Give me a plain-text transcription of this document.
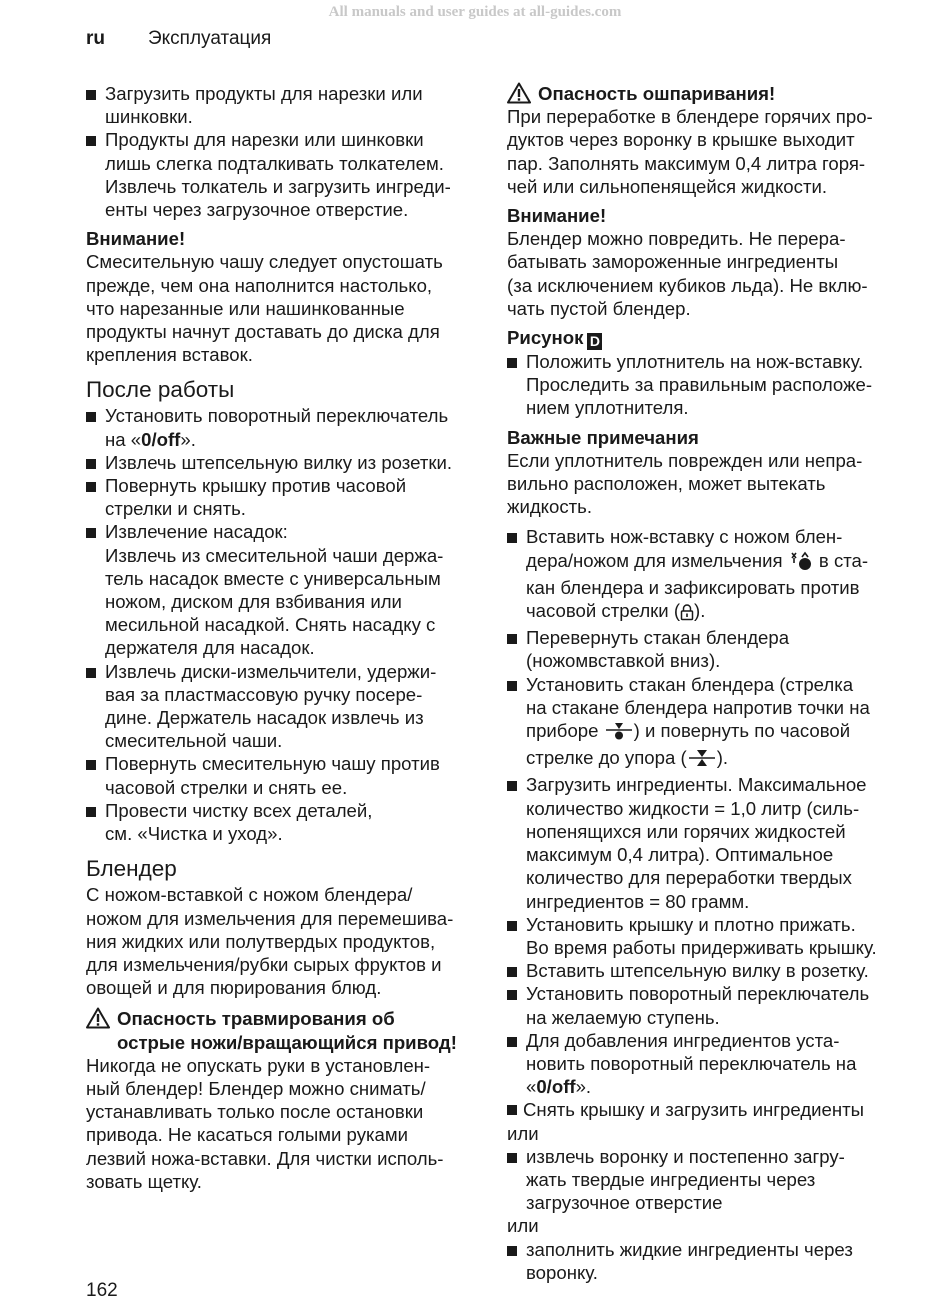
All manuals and user guides at all-guides.com
ru Эксплуатация
Загрузить продукты для нарезки или
шинковки.
Продукты для нарезки или шинковки
лишь слегка подталкивать толкателем.
Извлечь толкатель и загрузить ингреди-
енты через загрузочное отверстие.
Внимание!
Смесительную чашу следует опустошать
прежде, чем она наполнится настолько,
что нарезанные или нашинкованные
продукты начнут доставать до диска для
крепления вставок.
После работы
Установить поворотный переключатель
на «0/off».
Извлечь штепсельную вилку из розетки.
Повернуть крышку против часовой
стрелки и снять.
Извлечение насадок:
Извлечь из смесительной чаши держа-
тель насадок вместе с универсальным
ножом, диском для взбивания или
месильной насадкой. Снять насадку с
держателя для насадок.
Извлечь диски-измельчители, удержи-
вая за пластмассовую ручку посере-
дине. Держатель насадок извлечь из
смесительной чаши.
Повернуть смесительную чашу против
часовой стрелки и снять ее.
Провести чистку всех деталей,
см. «Чистка и уход».
Блендер
С ножом-вставкой с ножом блендера/
ножом для измельчения для перемешива-
ния жидких или полутвердых продуктов,
для измельчения/рубки сырых фруктов и
овощей и для пюрирования блюд.
Опасность травмирования об
острые ножи/вращающийся привод!
Никогда не опускать руки в установлен-
ный блендер! Блендер можно снимать/
устанавливать только после остановки
привода. Не касаться голыми руками
лезвий ножа-вставки. Для чистки исполь-
зовать щетку.
Опасность ошпаривания!
При переработке в блендере горячих про-
дуктов через воронку в крышке выходит
пар. Заполнять максимум 0,4 литра горя-
чей или сильнопенящейся жидкости.
Внимание!
Блендер можно повредить. Не перера-
батывать замороженные ингредиенты
(за исключением кубиков льда). Не вклю-
чать пустой блендер.
Рисунок D
Положить уплотнитель на нож-вставку.
Проследить за правильным расположе-
нием уплотнителя.
Важные примечания
Если уплотнитель поврежден или непра-
вильно расположен, может вытекать
жидкость.
Вставить нож-вставку с ножом блен-
дера/ножом для измельчения в ста-
кан блендера и зафиксировать против
часовой стрелки ( ).
Перевернуть стакан блендера
(ножомвставкой вниз).
Установить стакан блендера (стрелка
на стакане блендера напротив точки на
приборе ) и повернуть по часовой
стрелке до упора ( ).
Загрузить ингредиенты. Максимальное
количество жидкости = 1,0 литр (силь-
нопенящихся или горячих жидкостей
максимум 0,4 литра). Оптимальное
количество для переработки твердых
ингредиентов = 80 грамм.
Установить крышку и плотно прижать.
Во время работы придерживать крышку.
Вставить штепсельную вилку в розетку.
Установить поворотный переключатель
на желаемую ступень.
Для добавления ингредиентов уста-
новить поворотный переключатель на
«0/off».
Снять крышку и загрузить ингредиенты
или
извлечь воронку и постепенно загру-
жать твердые ингредиенты через
загрузочное отверстие
или
заполнить жидкие ингредиенты через
воронку.
162
